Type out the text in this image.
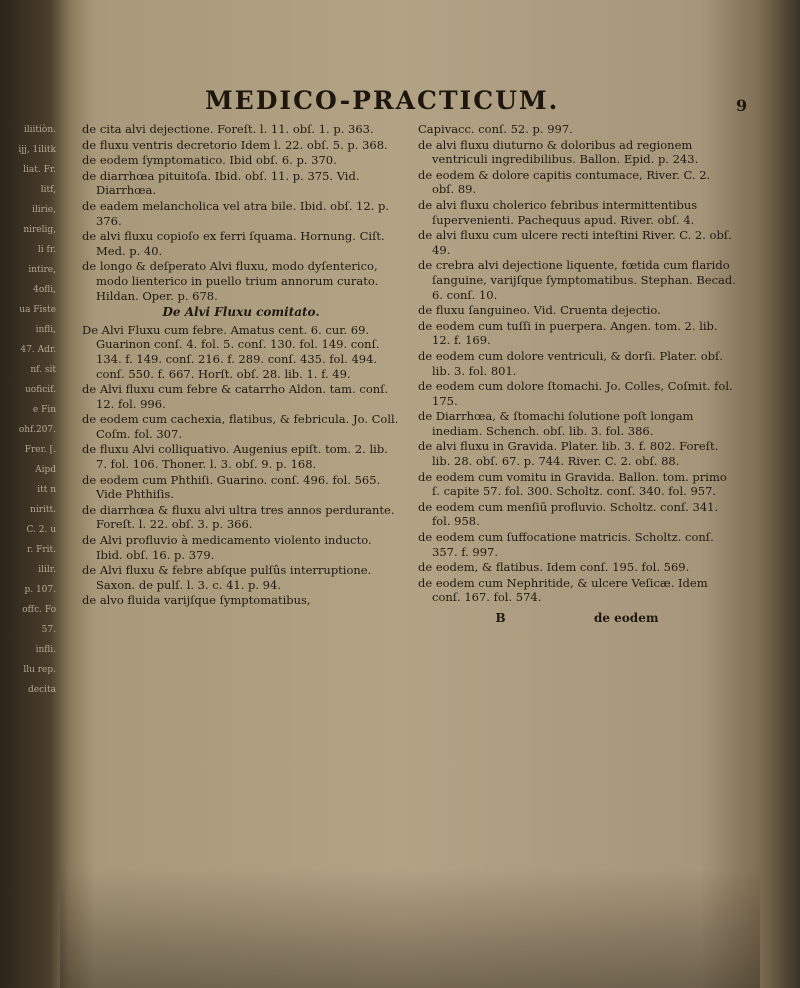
iliitiòn.
ijj, 1ilitk
liat. Fr.
litf,
ilirie,
nirelig,
li fr.
intire,
4ofli,
ua Fiste
infli,
47. Adr.
nf. sit
uoficif.
e Fin
ohf.207.
Frer. [.
Aipd
itt n
niritt.
C. 2. u
r. Frit.
ililr.
p. 107.
offc. Fo
57.
infli.
llu rep.
decita
MEDICO-PRACTICUM.	9

de cita alvi dejectione. Foreſt. l. 11. obſ. 1. p. 363.

de fluxu ventris decretorio Idem l. 22. obſ. 5. p. 368.

de eodem ſymptomatico. Ibid obſ. 6. p. 370.

de diarrhœa pituitoſa. Ibid. obſ. 11. p. 375. Vid. Diarrhœa.

de eadem melancholica vel atra bile. Ibid. obſ. 12. p. 376.

de alvi fluxu copioſo ex ferri ſquama. Hornung. Ciſt. Med. p. 40.

de longo & deſperato Alvi fluxu, modo dyſenterico, modo lienterico in puello trium annorum curato. Hildan. Oper. p. 678.

De Alvi Fluxu comitato.

De Alvi Fluxu cum febre. Amatus cent. 6. cur. 69. Guarinon conſ. 4. fol. 5. conſ. 130. fol. 149. conſ. 134. f. 149. conſ. 216. f. 289. conſ. 435. fol. 494. conſ. 550. f. 667. Horſt. obſ. 28. lib. 1. f. 49.

de Alvi fluxu cum febre & catarrho Aldon. tam. conſ. 12. fol. 996.

de eodem cum cachexia, flatibus, & febricula. Jo. Coll. Coſm. fol. 307.

de fluxu Alvi colliquativo. Augenius epiſt. tom. 2. lib. 7. fol. 106. Thoner. l. 3. obſ. 9. p. 168.

de eodem cum Phthiſi. Guarino. conſ. 496. fol. 565. Vide Phthiſis.

de diarrhœa & fluxu alvi ultra tres annos perdurante. Foreſt. l. 22. obſ. 3. p. 366.

de Alvi profluvio à medicamento violento inducto. Ibid. obſ. 16. p. 379.

de Alvi fluxu & febre abſque pulſûs interruptione. Saxon. de pulſ. l. 3. c. 41. p. 94.

de alvo fluida varijſque ſymptomatibus,

Capivacc. conſ. 52. p. 997.

de alvi fluxu diuturno & doloribus ad regionem ventriculi ingredibilibus. Ballon. Epid. p. 243.

de eodem & dolore capitis contumace, River. C. 2. obſ. 89.

de alvi fluxu cholerico febribus intermittentibus ſupervenienti. Pachequus apud. River. obſ. 4.

de alvi fluxu cum ulcere recti inteſtini River. C. 2. obſ. 49.

de crebra alvi dejectione liquente, fœtida cum flarido ſanguine, varijſque ſymptomatibus. Stephan. Becad. 6. conſ. 10.

de fluxu ſanguineo. Vid. Cruenta dejectio.

de eodem cum tuſſi in puerpera. Angen. tom. 2. lib. 12. f. 169.

de eodem cum dolore ventriculi, & dorſi. Plater. obſ. lib. 3. fol. 801.

de eodem cum dolore ſtomachi. Jo. Colles, Coſmit. fol. 175.

de Diarrhœa, & ſtomachi ſolutione poſt longam inediam. Schench. obſ. lib. 3. fol. 386.

de alvi fluxu in Gravida. Plater. lib. 3. f. 802. Foreſt. lib. 28. obſ. 67. p. 744. River. C. 2. obſ. 88.

de eodem cum vomitu in Gravida. Ballon. tom. primo ſ. capite 57. fol. 300. Scholtz. conſ. 340. fol. 957.

de eodem cum menſiū profluvio. Scholtz. conſ. 341. fol. 958.

de eodem cum ſuffocatione matricis. Scholtz. conſ. 357. f. 997.

de eodem, & flatibus. Idem conſ. 195. fol. 569.

de eodem cum Nephritide, & ulcere Veſicæ. Idem conſ. 167. fol. 574.

B	de eodem
